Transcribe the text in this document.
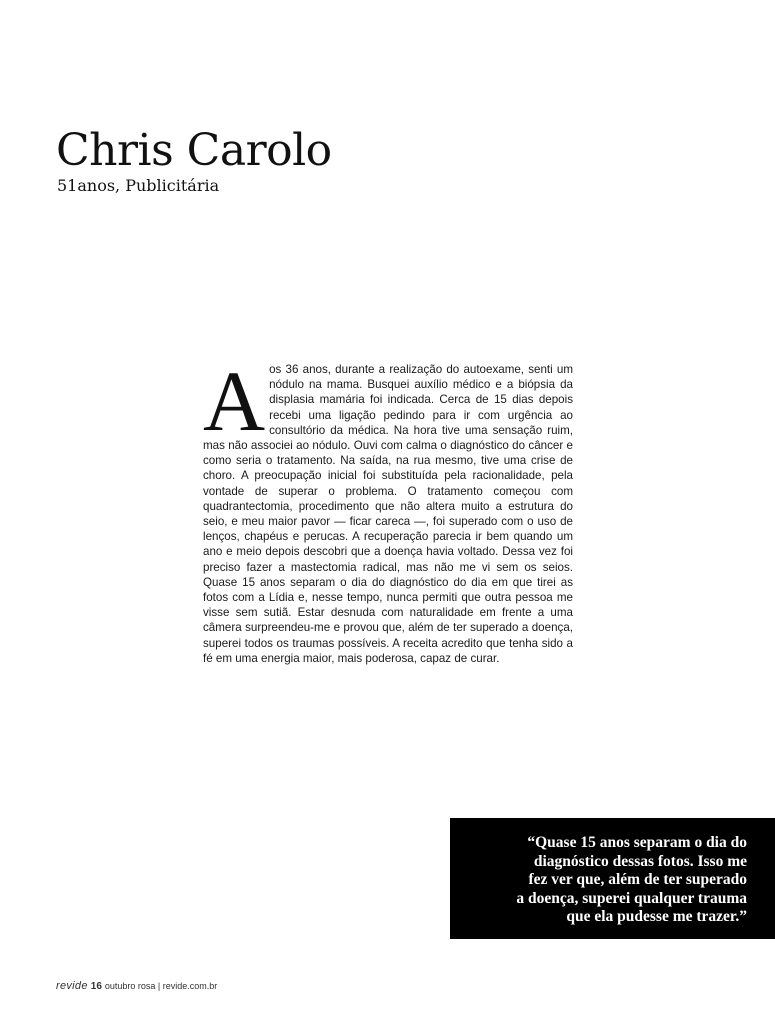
Chris Carolo
51anos, Publicitária
Aos 36 anos, durante a realização do autoexame, senti um nódulo na mama. Busquei auxílio médico e a biópsia da displasia mamária foi indicada. Cerca de 15 dias depois recebi uma ligação pedindo para ir com urgência ao consultório da médica. Na hora tive uma sensação ruim, mas não associei ao nódulo. Ouvi com calma o diagnóstico do câncer e como seria o tratamento. Na saída, na rua mesmo, tive uma crise de choro. A preocupação inicial foi substituída pela racionalidade, pela vontade de superar o problema. O tratamento começou com quadrantectomia, procedimento que não altera muito a estrutura do seio, e meu maior pavor — ficar careca —, foi superado com o uso de lenços, chapéus e perucas. A recuperação parecia ir bem quando um ano e meio depois descobri que a doença havia voltado. Dessa vez foi preciso fazer a mastectomia radical, mas não me vi sem os seios. Quase 15 anos separam o dia do diagnóstico do dia em que tirei as fotos com a Lídia e, nesse tempo, nunca permiti que outra pessoa me visse sem sutiã. Estar desnuda com naturalidade em frente a uma câmera surpreendeu-me e provou que, além de ter superado a doença, superei todos os traumas possíveis. A receita acredito que tenha sido a fé em uma energia maior, mais poderosa, capaz de curar.

“Quase 15 anos separam o dia do
diagnóstico dessas fotos. Isso me
fez ver que, além de ter superado
a doença, superei qualquer trauma
que ela pudesse me trazer.”

revide 16 outubro rosa | revide.com.br
